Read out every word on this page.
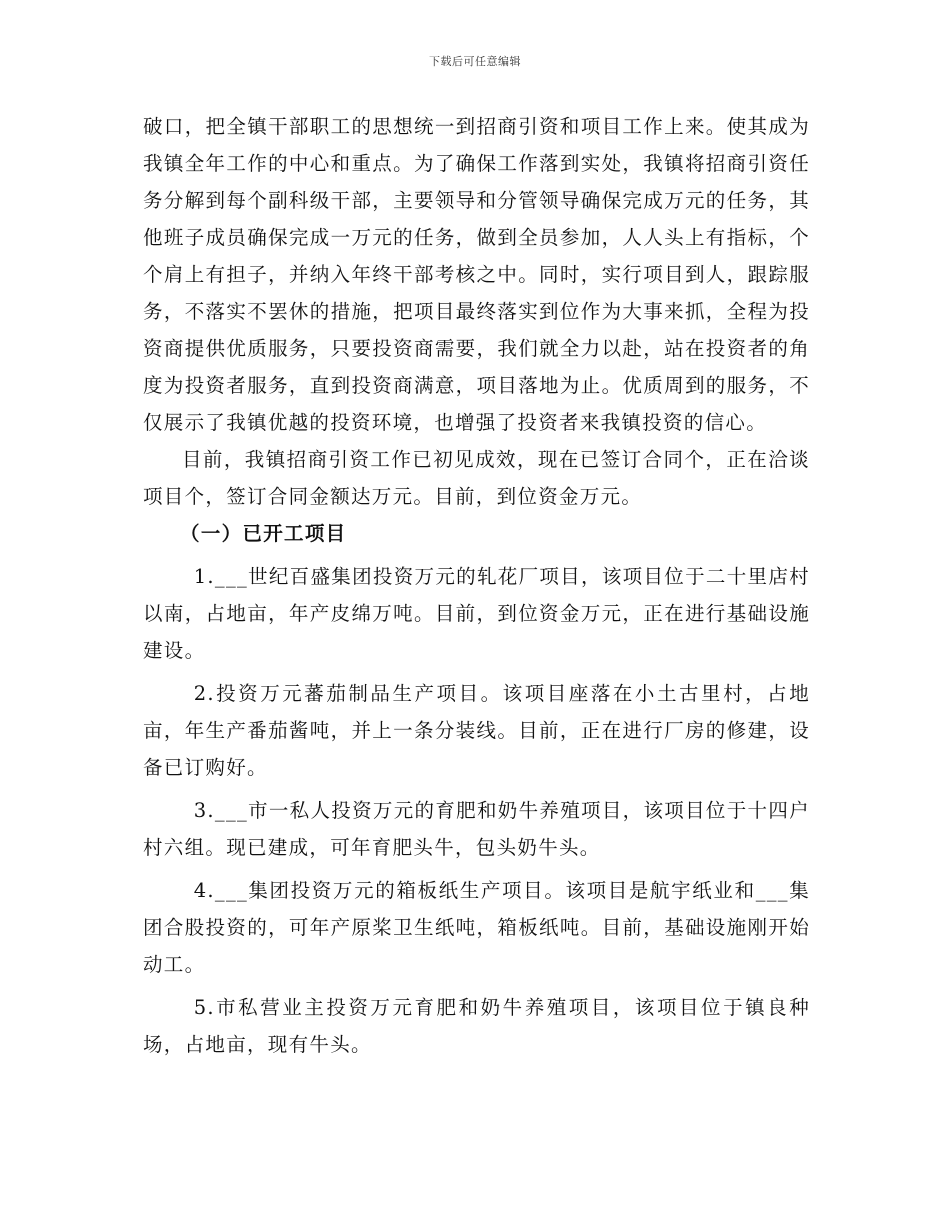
下载后可任意编辑

破口，把全镇干部职工的思想统一到招商引资和项目工作上来。使其成为我镇全年工作的中心和重点。为了确保工作落到实处，我镇将招商引资任务分解到每个副科级干部，主要领导和分管领导确保完成万元的任务，其他班子成员确保完成一万元的任务，做到全员参加，人人头上有指标，个个肩上有担子，并纳入年终干部考核之中。同时，实行项目到人，跟踪服务，不落实不罢休的措施，把项目最终落实到位作为大事来抓，全程为投资商提供优质服务，只要投资商需要，我们就全力以赴，站在投资者的角度为投资者服务，直到投资商满意，项目落地为止。优质周到的服务，不仅展示了我镇优越的投资环境，也增强了投资者来我镇投资的信心。

目前，我镇招商引资工作已初见成效，现在已签订合同个，正在洽谈项目个，签订合同金额达万元。目前，到位资金万元。

（一）已开工项目

1.___世纪百盛集团投资万元的轧花厂项目，该项目位于二十里店村以南，占地亩，年产皮绵万吨。目前，到位资金万元，正在进行基础设施建设。

2.投资万元蕃茄制品生产项目。该项目座落在小土古里村，占地亩，年生产番茄酱吨，并上一条分装线。目前，正在进行厂房的修建，设备已订购好。

3.___市一私人投资万元的育肥和奶牛养殖项目，该项目位于十四户村六组。现已建成，可年育肥头牛，包头奶牛头。

4.___集团投资万元的箱板纸生产项目。该项目是航宇纸业和___集团合股投资的，可年产原桨卫生纸吨，箱板纸吨。目前，基础设施刚开始动工。

5.市私营业主投资万元育肥和奶牛养殖项目，该项目位于镇良种场，占地亩，现有牛头。
